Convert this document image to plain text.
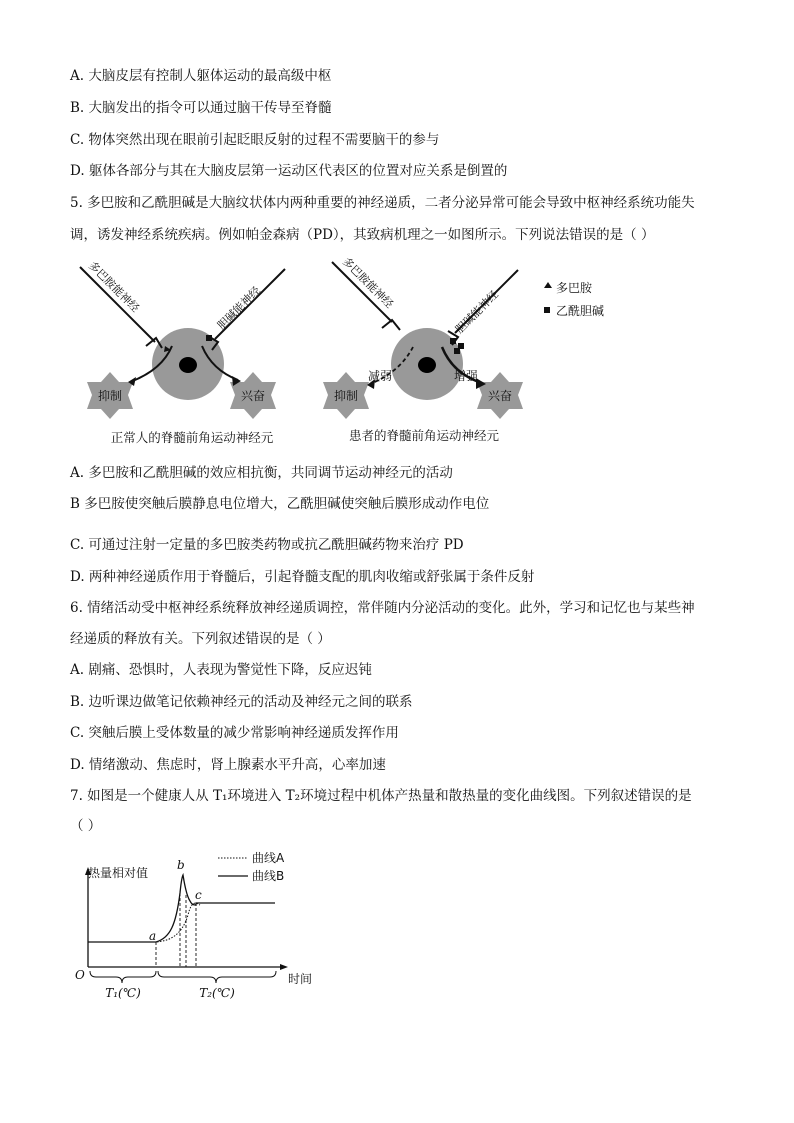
A. 大脑皮层有控制人躯体运动的最高级中枢
B. 大脑发出的指令可以通过脑干传导至脊髓
C. 物体突然出现在眼前引起眨眼反射的过程不需要脑干的参与
D. 躯体各部分与其在大脑皮层第一运动区代表区的位置对应关系是倒置的
5. 多巴胺和乙酰胆碱是大脑纹状体内两种重要的神经递质，二者分泌异常可能会导致中枢神经系统功能失
调，诱发神经系统疾病。例如帕金森病（PD），其致病机理之一如图所示。下列说法错误的是（ ）
抑制	兴奋
多巴胺能神经	胆碱能神经
正常人的脊髓前角运动神经元
抑制	兴奋
多巴胺能神经
胆碱能神经
减弱	增强
患者的脊髓前角运动神经元
多巴胺
乙酰胆碱
A. 多巴胺和乙酰胆碱的效应相抗衡，共同调节运动神经元的活动
B 多巴胺使突触后膜静息电位增大，乙酰胆碱使突触后膜形成动作电位
C. 可通过注射一定量的多巴胺类药物或抗乙酰胆碱药物来治疗 PD
D. 两种神经递质作用于脊髓后，引起脊髓支配的肌肉收缩或舒张属于条件反射
6. 情绪活动受中枢神经系统释放神经递质调控，常伴随内分泌活动的变化。此外，学习和记忆也与某些神
经递质的释放有关。下列叙述错误的是（ ）
A. 剧痛、恐惧时，人表现为警觉性下降，反应迟钝
B. 边听课边做笔记依赖神经元的活动及神经元之间的联系
C. 突触后膜上受体数量的减少常影响神经递质发挥作用
D. 情绪激动、焦虑时，肾上腺素水平升高，心率加速
7. 如图是一个健康人从 T₁环境进入 T₂环境过程中机体产热量和散热量的变化曲线图。下列叙述错误的是
（ ）
热量相对值
时间
O
曲线A
曲线B
a
b
c
T₁(℃)	T₂(℃)
